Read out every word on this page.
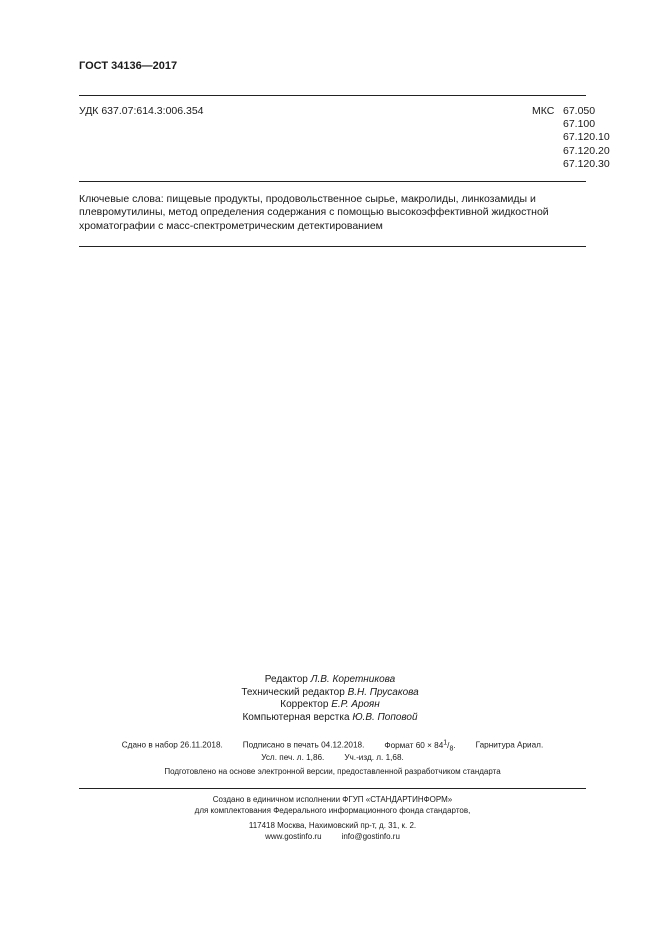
ГОСТ 34136—2017
УДК 637.07:614.3:006.354	МКС 67.050
67.100
67.120.10
67.120.20
67.120.30
Ключевые слова: пищевые продукты, продовольственное сырье, макролиды, линкозамиды и плевромутилины, метод определения содержания с помощью высокоэффективной жидкостной хроматографии с масс-спектрометрическим детектированием
Редактор Л.В. Коретникова
Технический редактор В.Н. Прусакова
Корректор Е.Р. Ароян
Компьютерная верстка Ю.В. Поповой
Сдано в набор 26.11.2018. Подписано в печать 04.12.2018. Формат $60 \times 84^1/_8$. Гарнитура Ариал.
Усл. печ. л. 1,86. Уч.-изд. л. 1,68.
Подготовлено на основе электронной версии, предоставленной разработчиком стандарта
Создано в единичном исполнении ФГУП «СТАНДАРТИНФОРМ»
для комплектования Федерального информационного фонда стандартов,
117418 Москва, Нахимовский пр-т, д. 31, к. 2.
www.gostinfo.ru	info@gostinfo.ru
